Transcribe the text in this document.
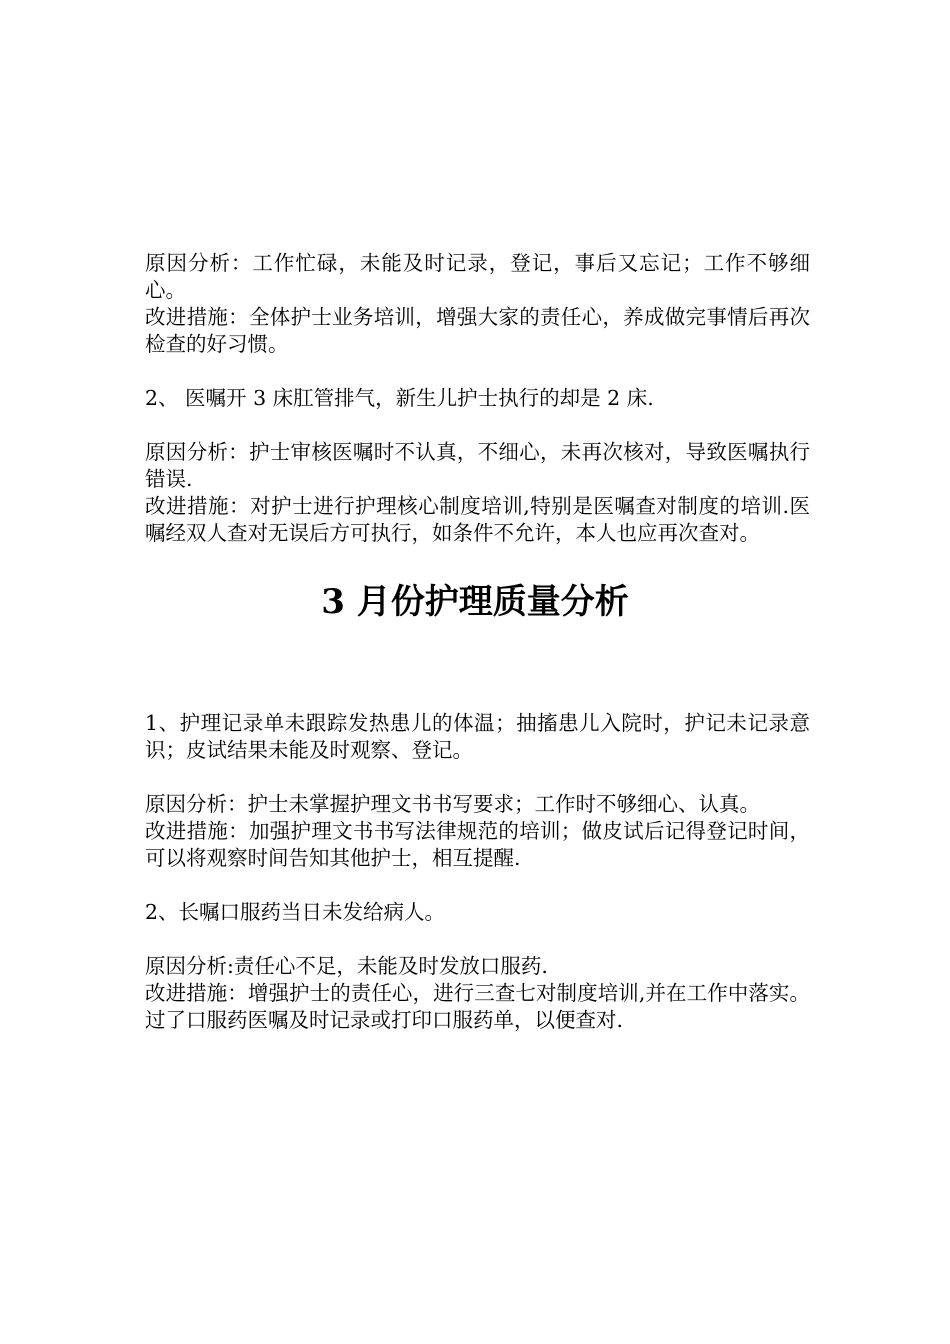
原因分析：工作忙碌，未能及时记录，登记，事后又忘记；工作不够细心。

改进措施：全体护士业务培训，增强大家的责任心，养成做完事情后再次检查的好习惯。

2、 医嘱开 3 床肛管排气，新生儿护士执行的却是 2 床.

原因分析：护士审核医嘱时不认真，不细心，未再次核对，导致医嘱执行错误.

改进措施：对护士进行护理核心制度培训,特别是医嘱查对制度的培训.医嘱经双人查对无误后方可执行，如条件不允许，本人也应再次查对。

3 月份护理质量分析

1、护理记录单未跟踪发热患儿的体温；抽搐患儿入院时，护记未记录意识；皮试结果未能及时观察、登记。

原因分析：护士未掌握护理文书书写要求；工作时不够细心、认真。

改进措施：加强护理文书书写法律规范的培训；做皮试后记得登记时间，可以将观察时间告知其他护士，相互提醒.

2、长嘱口服药当日未发给病人。

原因分析:责任心不足，未能及时发放口服药.

改进措施：增强护士的责任心，进行三查七对制度培训,并在工作中落实。过了口服药医嘱及时记录或打印口服药单，以便查对.
